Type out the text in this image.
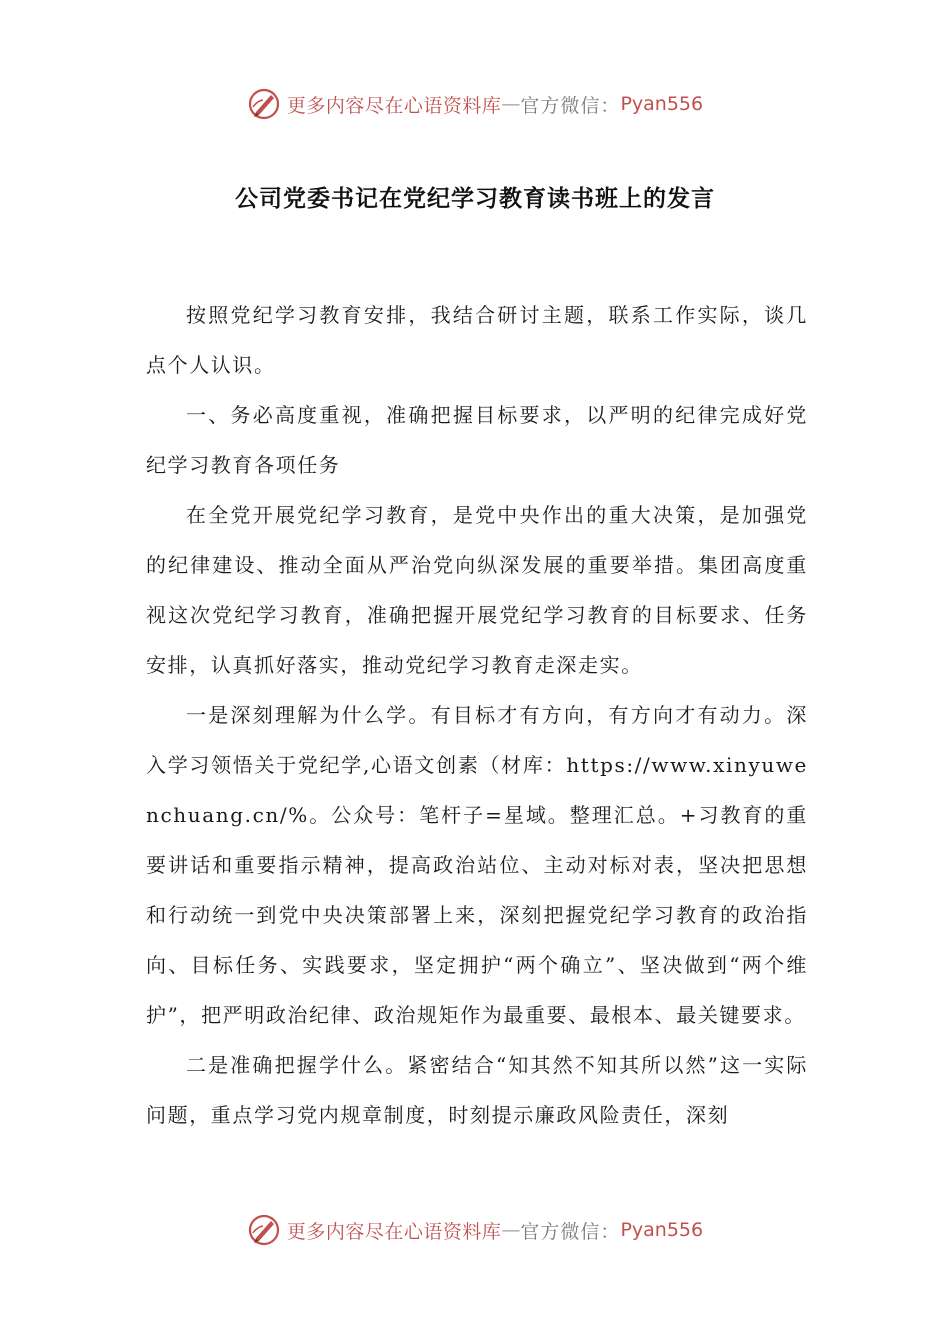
更多内容尽在心语资料库 — 官方微信： Pyan556
公司党委书记在党纪学习教育读书班上的发言

按照党纪学习教育安排，我结合研讨主题，联系工作实际，谈几点个人认识。

一、务必高度重视，准确把握目标要求，以严明的纪律完成好党纪学习教育各项任务

在全党开展党纪学习教育，是党中央作出的重大决策，是加强党的纪律建设、推动全面从严治党向纵深发展的重要举措。集团高度重视这次党纪学习教育，准确把握开展党纪学习教育的目标要求、任务安排，认真抓好落实，推动党纪学习教育走深走实。

一是深刻理解为什么学。有目标才有方向，有方向才有动力。深入学习领悟关于党纪学,心语文创素（材库：https://www.xinyuwenchuang.cn/%。公众号：笔杆子=星域。整理汇总。+习教育的重要讲话和重要指示精神，提高政治站位、主动对标对表，坚决把思想和行动统一到党中央决策部署上来，深刻把握党纪学习教育的政治指向、目标任务、实践要求，坚定拥护“两个确立”、坚决做到“两个维护”，把严明政治纪律、政治规矩作为最重要、最根本、最关键要求。

二是准确把握学什么。紧密结合“知其然不知其所以然”这一实际问题，重点学习党内规章制度，时刻提示廉政风险责任，深刻

更多内容尽在心语资料库 — 官方微信： Pyan556
